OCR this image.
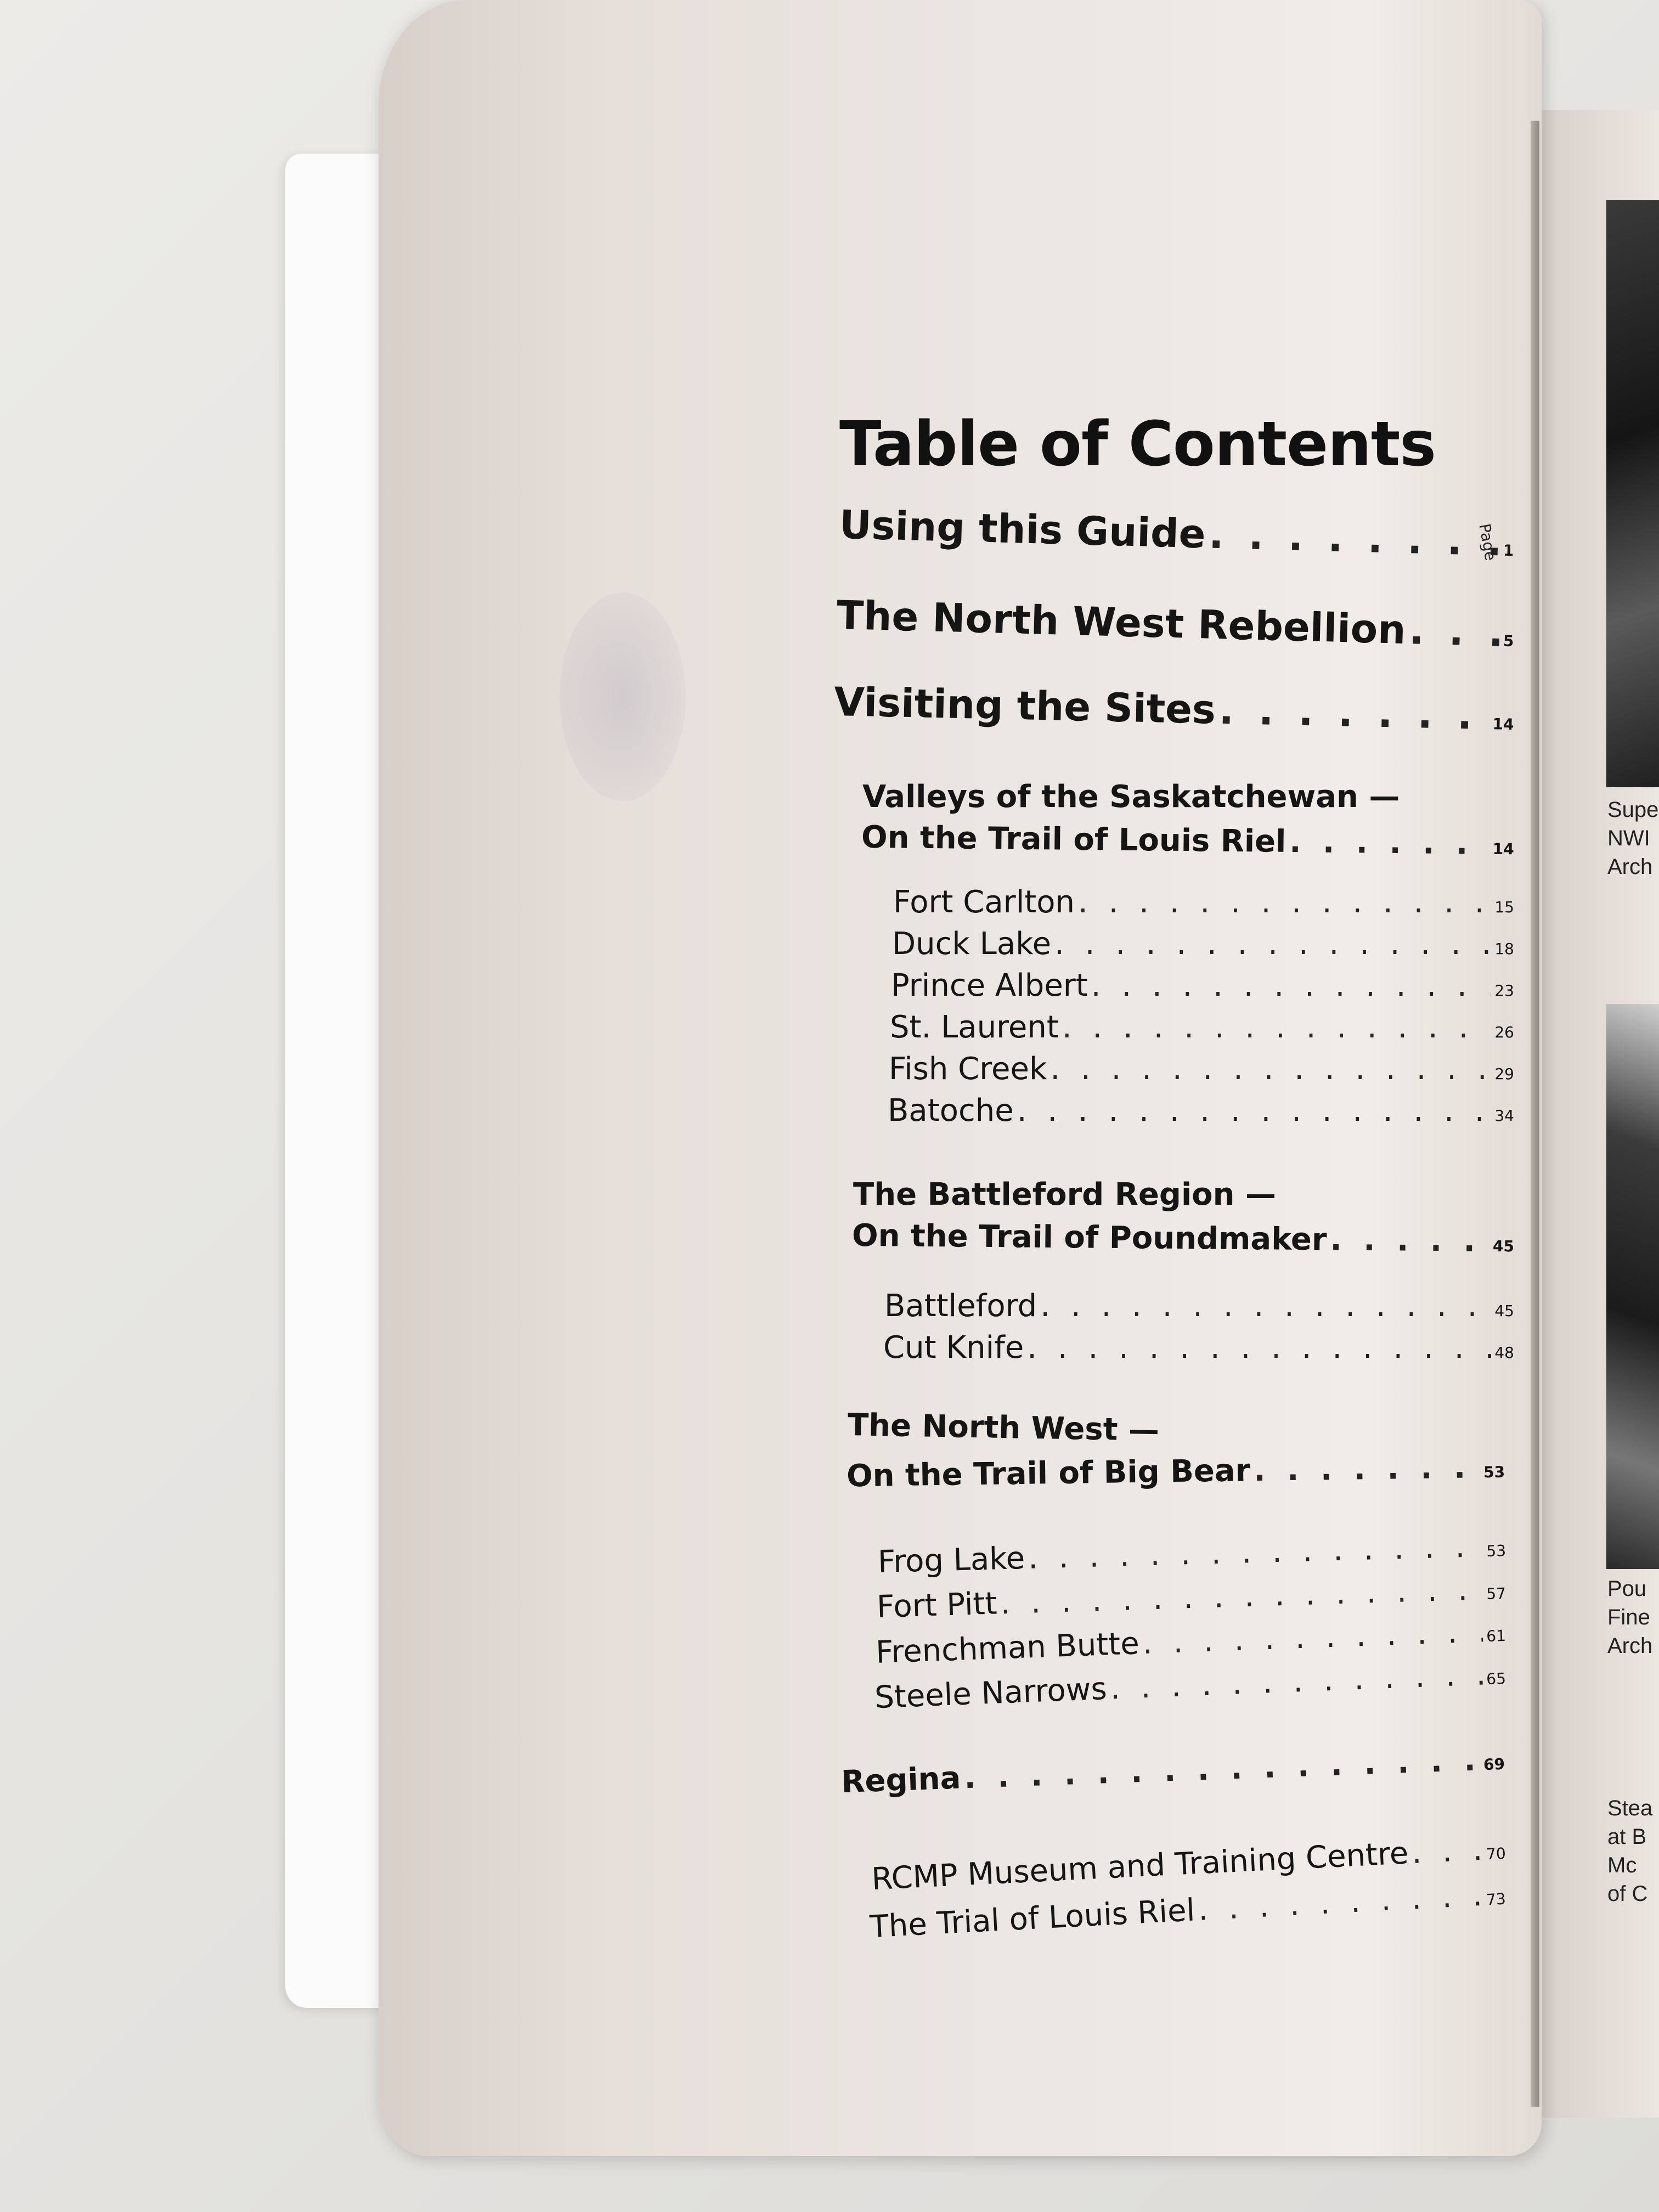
Supe
NWI
Arch
Pou
Fine
Arch
Stea
at B
Mc
of C
Table of Contents
Page
Using this Guide . . .	1
The North West Rebellion . . .	5
Visiting the Sites . . .	14
Valleys of the Saskatchewan —
On the Trail of Louis Riel . . .	14
Fort Carlton . . .	15
Duck Lake . . .	18
Prince Albert . . .	23
St. Laurent . . .	26
Fish Creek . . .	29
Batoche . . .	34
The Battleford Region —
On the Trail of Poundmaker . . .	45
Battleford . . .	45
Cut Knife . . .	48
The North West —
On the Trail of Big Bear . . .	53
Frog Lake . . .	53
Fort Pitt . . .	57
Frenchman Butte . . .	61
Steele Narrows . . .	65
Regina . . .	69
RCMP Museum and Training Centre . . .	70
The Trial of Louis Riel . . .	73
